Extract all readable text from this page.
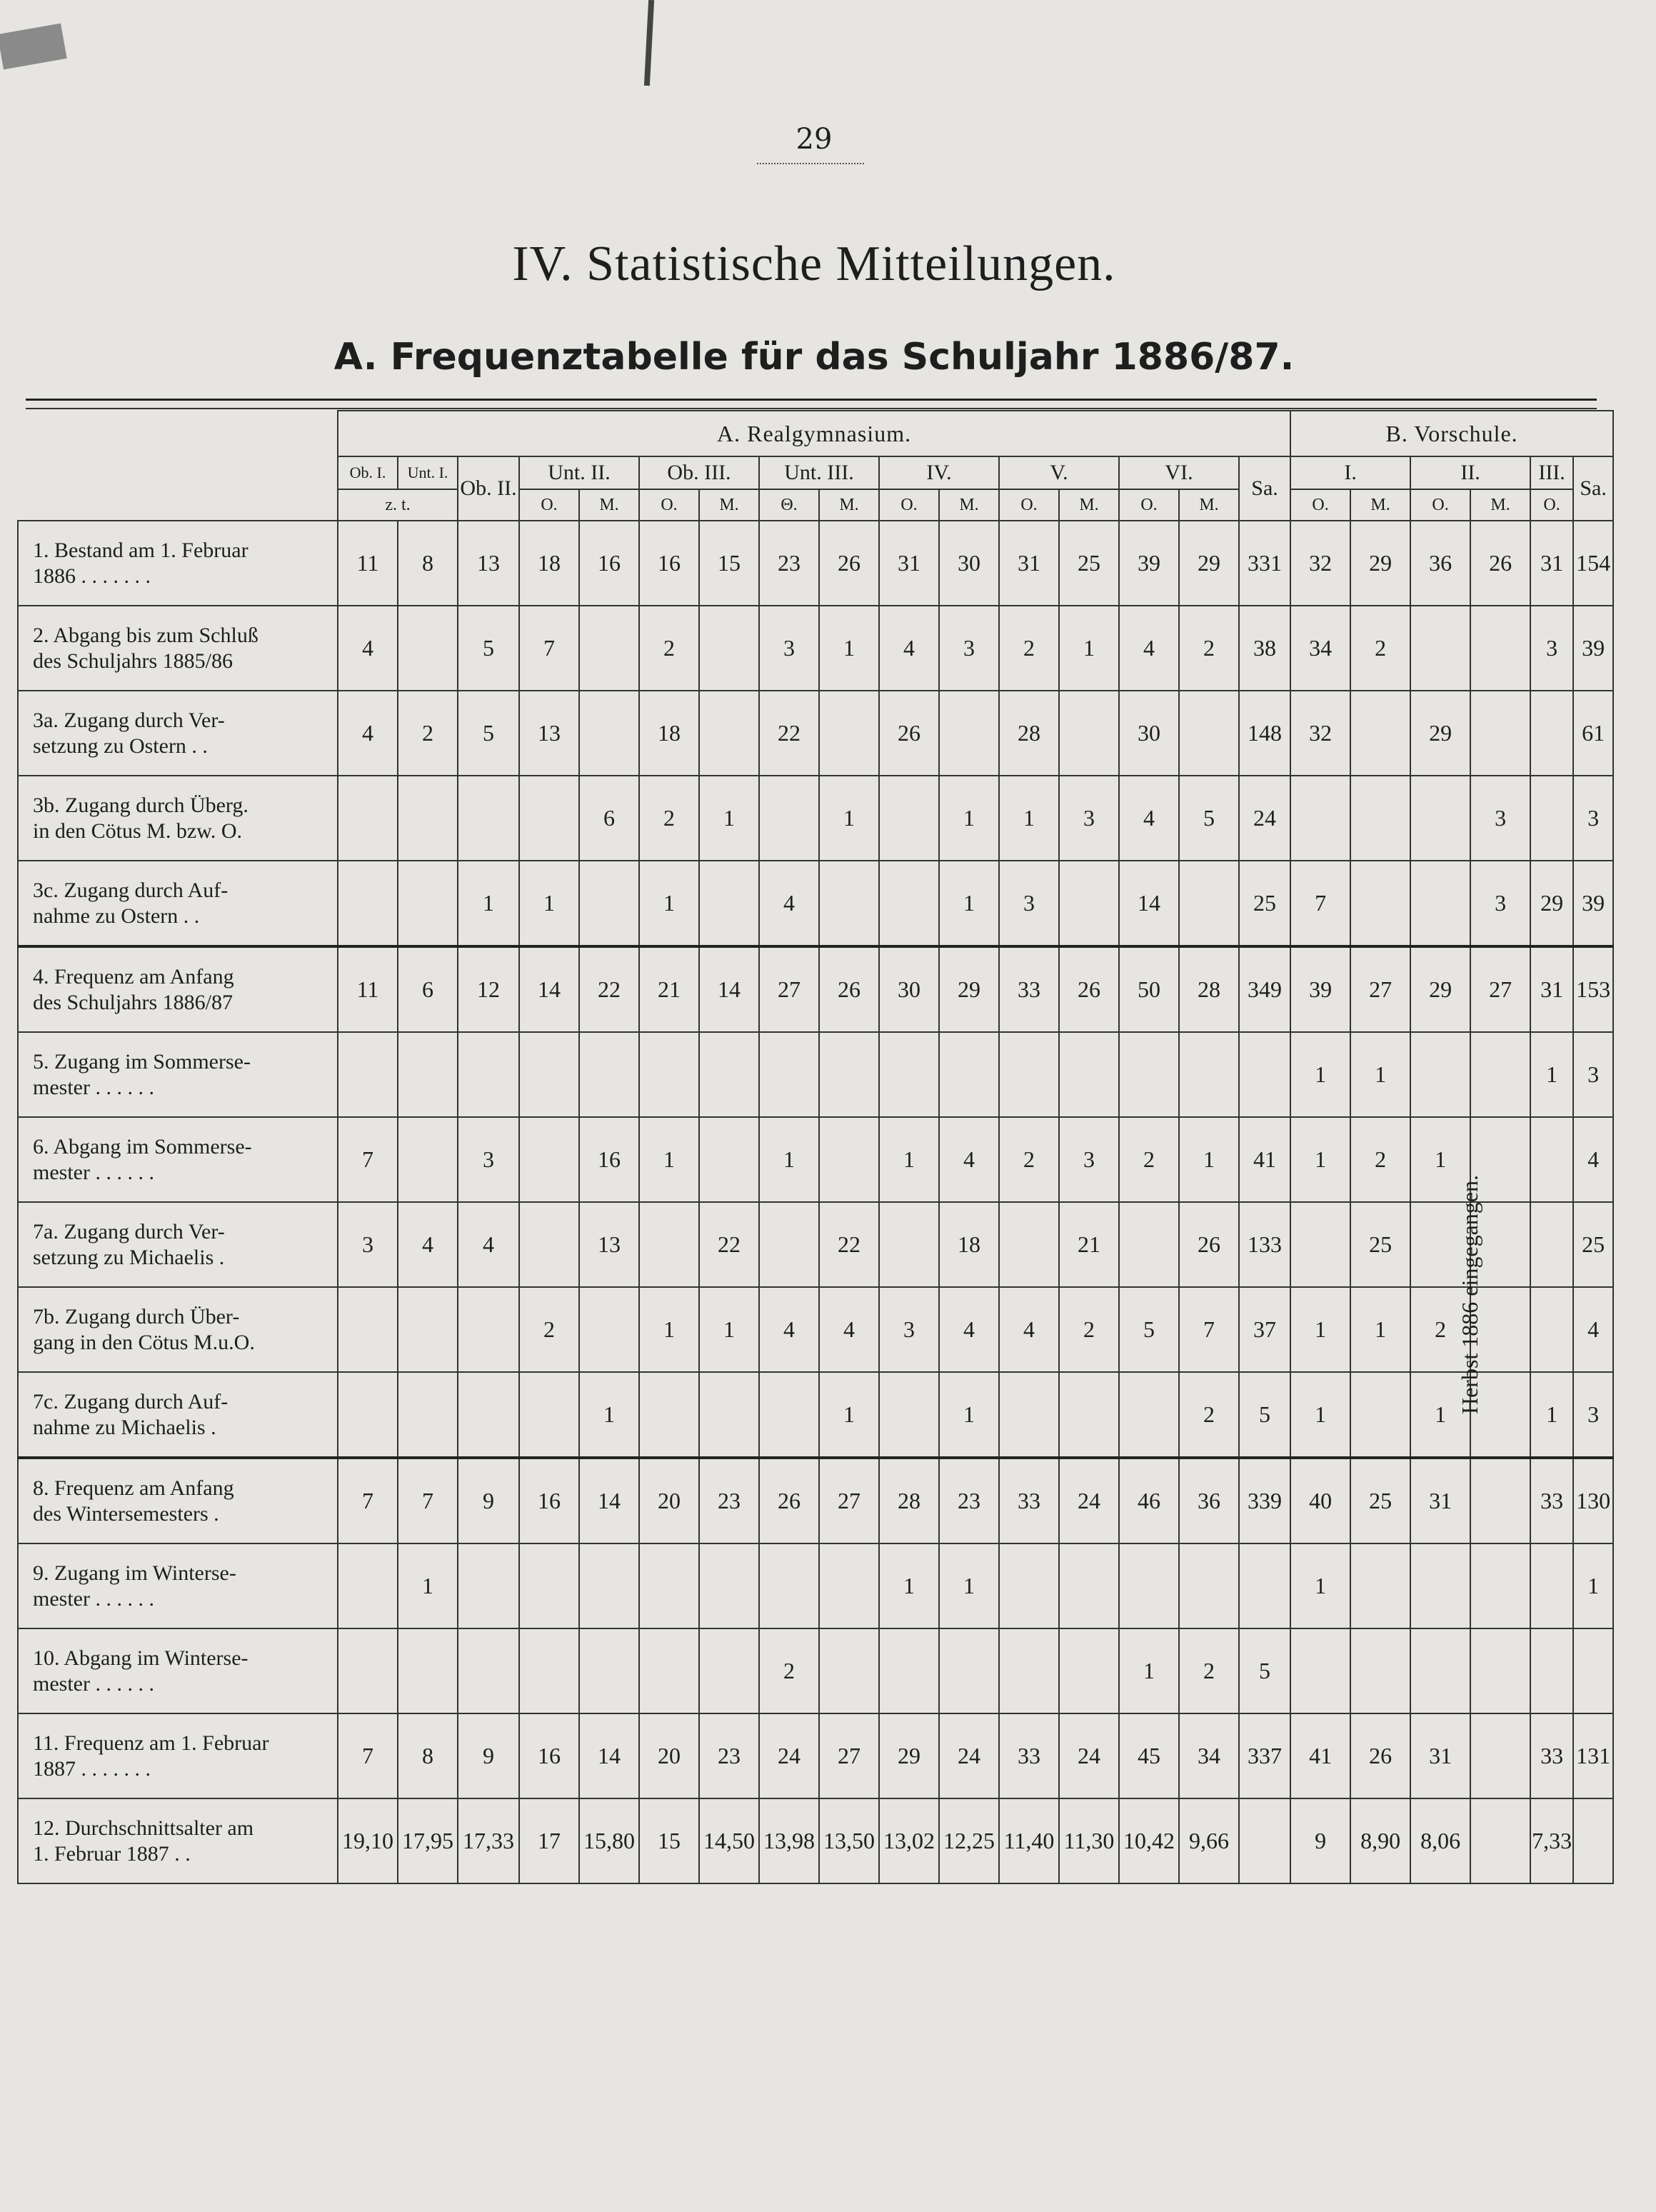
29
IV. Statistische Mitteilungen.
A. Frequenztabelle für das Schuljahr 1886/87.
	A. Realgymnasium.																B. Vorschule.					
	Ob. I.	Unt. I.	Ob. II.	Unt. II.		Ob. III.		Unt. III.		IV.		V.		VI.		Sa.	I.		II.		III.	Sa.
	z. t.			O.	M.	O.	M.	Θ.	M.	O.	M.	O.	M.	O.	M.		O.	M.	O.	M.	O.	

1. Bestand am 1. Februar
1886 . . . . . . .	11	8	13	18	16	16	15	23	26	31	30	31	25	39	29	331	32	29	36	26	31	154

2. Abgang bis zum Schluß
des Schuljahrs 1885/86	4		5	7		2		3	1	4	3	2	1	4	2	38	34	2			3	39

3a. Zugang durch Ver-
setzung zu Ostern . .	4	2	5	13		18		22		26		28		30		148	32		29			61

3b. Zugang durch Überg.
in den Cötus M. bzw. O.					6	2	1		1		1	1	3	4	5	24				3		3

3c. Zugang durch Auf-
nahme zu Ostern . .			1	1		1		4			1	3		14		25	7			3	29	39

4. Frequenz am Anfang
des Schuljahrs 1886/87	11	6	12	14	22	21	14	27	26	30	29	33	26	50	28	349	39	27	29	27	31	153

5. Zugang im Sommerse-
mester . . . . . .																	1	1			1	3

6. Abgang im Sommerse-
mester . . . . . .	7		3		16	1		1		1	4	2	3	2	1	41	1	2	1			4

7a. Zugang durch Ver-
setzung zu Michaelis .	3	4	4		13		22		22		18		21		26	133		25				25

7b. Zugang durch Über-
gang in den Cötus M.u.O.				2		1	1	4	4	3	4	4	2	5	7	37	1	1	2			4

7c. Zugang durch Auf-
nahme zu Michaelis .					1				1		1				2	5	1		1		1	3

8. Frequenz am Anfang
des Wintersemesters .	7	7	9	16	14	20	23	26	27	28	23	33	24	46	36	339	40	25	31		33	130

9. Zugang im Winterse-
mester . . . . . .		1								1	1						1					1

10. Abgang im Winterse-
mester . . . . . .								2						1	2	5						

11. Frequenz am 1. Februar
1887 . . . . . . .	7	8	9	16	14	20	23	24	27	29	24	33	24	45	34	337	41	26	31		33	131

12. Durchschnittsalter am
1. Februar 1887 . .	19,10	17,95	17,33	17	15,80	15	14,50	13,98	13,50	13,02	12,25	11,40	11,30	10,42	9,66		9	8,90	8,06		7,33	
Herbst 1886 eingegangen.
